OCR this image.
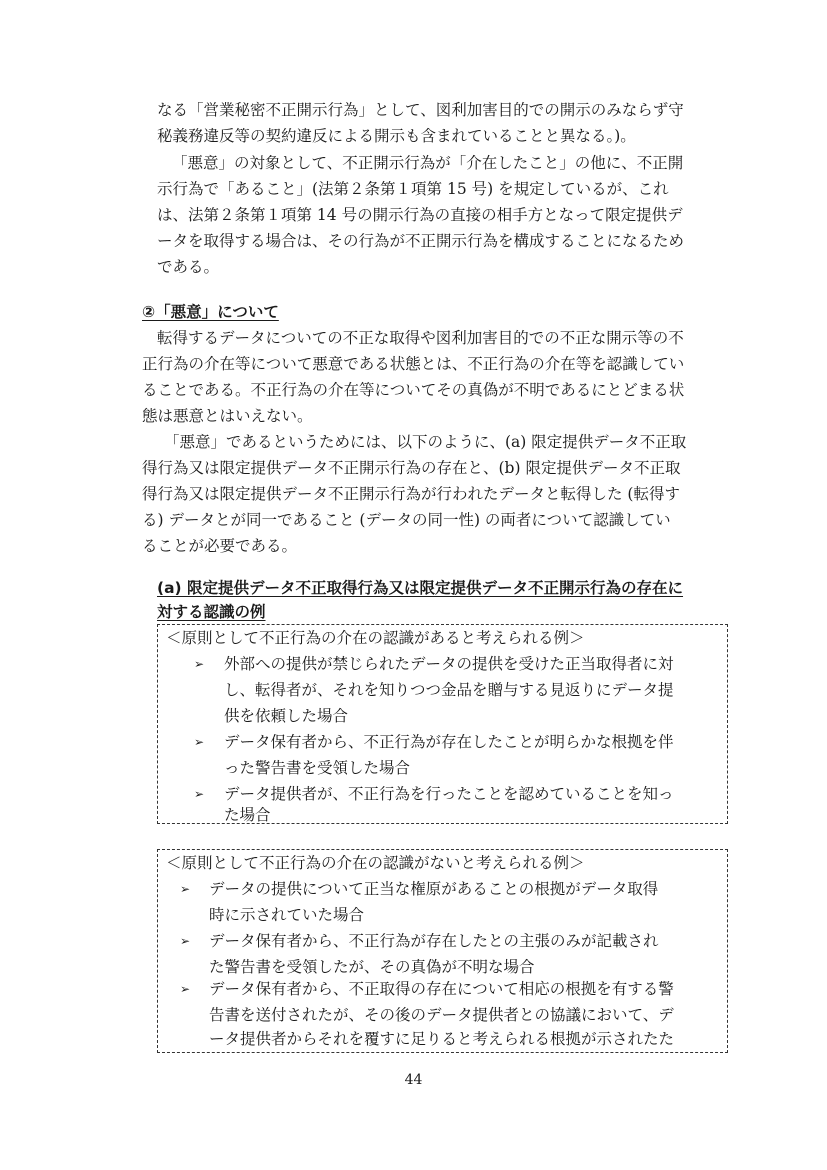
なる「営業秘密不正開示行為」として、図利加害目的での開示のみならず守
秘義務違反等の契約違反による開示も含まれていることと異なる。)。
「悪意」の対象として、不正開示行為が「介在したこと」の他に、不正開
示行為で「あること」(法第２条第１項第 15 号) を規定しているが、これ
は、法第２条第１項第 14 号の開示行為の直接の相手方となって限定提供デ
ータを取得する場合は、その行為が不正開示行為を構成することになるため
である。
②「悪意」について
転得するデータについての不正な取得や図利加害目的での不正な開示等の不
正行為の介在等について悪意である状態とは、不正行為の介在等を認識してい
ることである。不正行為の介在等についてその真偽が不明であるにとどまる状
態は悪意とはいえない。
「悪意」であるというためには、以下のように、(a) 限定提供データ不正取
得行為又は限定提供データ不正開示行為の存在と、(b) 限定提供データ不正取
得行為又は限定提供データ不正開示行為が行われたデータと転得した (転得す
る) データとが同一であること (データの同一性) の両者について認識してい
ることが必要である。
(a) 限定提供データ不正取得行為又は限定提供データ不正開示行為の存在に
対する認識の例
＜原則として不正行為の介在の認識があると考えられる例＞
➢ 外部への提供が禁じられたデータの提供を受けた正当取得者に対
し、転得者が、それを知りつつ金品を贈与する見返りにデータ提
供を依頼した場合
➢ データ保有者から、不正行為が存在したことが明らかな根拠を伴
った警告書を受領した場合
➢ データ提供者が、不正行為を行ったことを認めていることを知っ
た場合
＜原則として不正行為の介在の認識がないと考えられる例＞
➢ データの提供について正当な権原があることの根拠がデータ取得
時に示されていた場合
➢ データ保有者から、不正行為が存在したとの主張のみが記載され
た警告書を受領したが、その真偽が不明な場合
➢ データ保有者から、不正取得の存在について相応の根拠を有する警
告書を送付されたが、その後のデータ提供者との協議において、デ
ータ提供者からそれを覆すに足りると考えられる根拠が示されたた
44
